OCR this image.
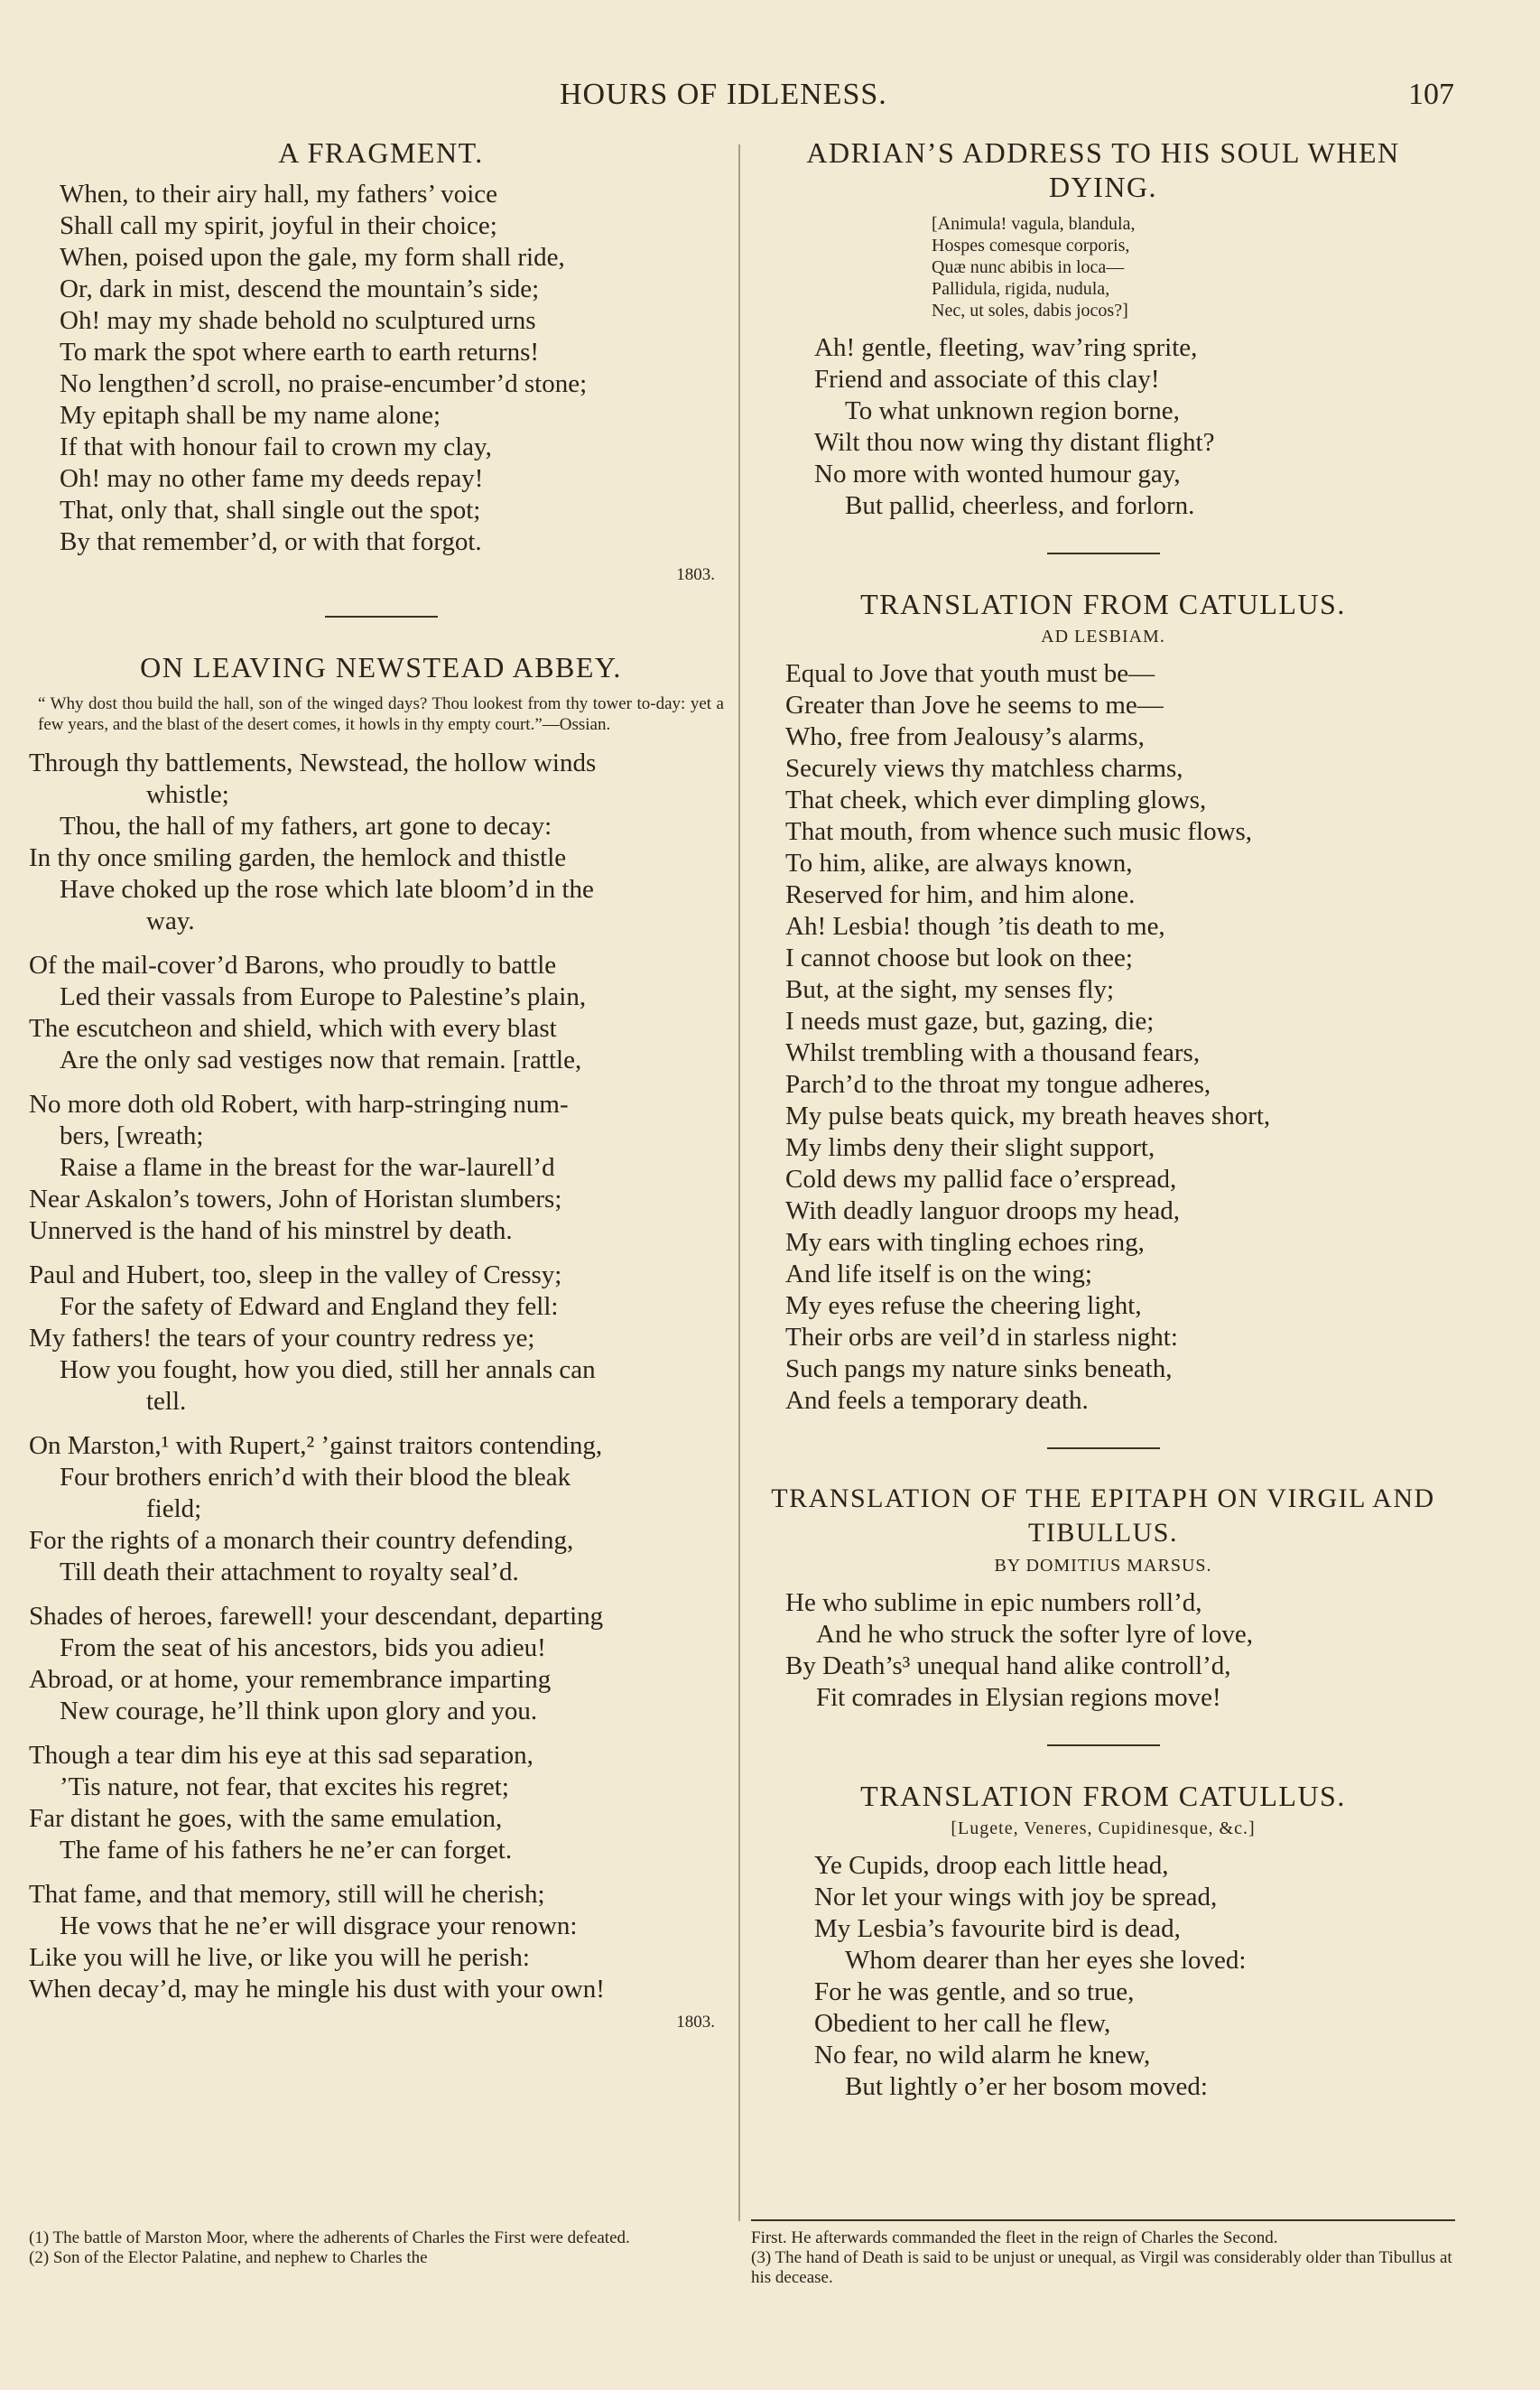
HOURS OF IDLENESS.	107
A FRAGMENT.
When, to their airy hall, my fathers’ voice
Shall call my spirit, joyful in their choice;
When, poised upon the gale, my form shall ride,
Or, dark in mist, descend the mountain’s side;
Oh! may my shade behold no sculptured urns
To mark the spot where earth to earth returns!
No lengthen’d scroll, no praise-encumber’d stone;
My epitaph shall be my name alone;
If that with honour fail to crown my clay,
Oh! may no other fame my deeds repay!
That, only that, shall single out the spot;
By that remember’d, or with that forgot.
1803.
ON LEAVING NEWSTEAD ABBEY.
“ Why dost thou build the hall, son of the winged days? Thou lookest from thy tower to-day: yet a few years, and the blast of the desert comes, it howls in thy empty court.”—Ossian.
Through thy battlements, Newstead, the hollow winds
whistle;
Thou, the hall of my fathers, art gone to decay:
In thy once smiling garden, the hemlock and thistle
Have choked up the rose which late bloom’d in the
way.
Of the mail-cover’d Barons, who proudly to battle
Led their vassals from Europe to Palestine’s plain,
The escutcheon and shield, which with every blast
Are the only sad vestiges now that remain. [rattle,
No more doth old Robert, with harp-stringing num-
bers, [wreath;
Raise a flame in the breast for the war-laurell’d
Near Askalon’s towers, John of Horistan slumbers;
Unnerved is the hand of his minstrel by death.
Paul and Hubert, too, sleep in the valley of Cressy;
For the safety of Edward and England they fell:
My fathers! the tears of your country redress ye;
How you fought, how you died, still her annals can
tell.
On Marston,¹ with Rupert,² ’gainst traitors contending,
Four brothers enrich’d with their blood the bleak
field;
For the rights of a monarch their country defending,
Till death their attachment to royalty seal’d.
Shades of heroes, farewell! your descendant, departing
From the seat of his ancestors, bids you adieu!
Abroad, or at home, your remembrance imparting
New courage, he’ll think upon glory and you.
Though a tear dim his eye at this sad separation,
’Tis nature, not fear, that excites his regret;
Far distant he goes, with the same emulation,
The fame of his fathers he ne’er can forget.
That fame, and that memory, still will he cherish;
He vows that he ne’er will disgrace your renown:
Like you will he live, or like you will he perish:
When decay’d, may he mingle his dust with your own!
1803.
ADRIAN’S ADDRESS TO HIS SOUL WHEN DYING.
[Animula! vagula, blandula,
Hospes comesque corporis,
Quæ nunc abibis in loca—
Pallidula, rigida, nudula,
Nec, ut soles, dabis jocos?]
Ah! gentle, fleeting, wav’ring sprite,
Friend and associate of this clay!
To what unknown region borne,
Wilt thou now wing thy distant flight?
No more with wonted humour gay,
But pallid, cheerless, and forlorn.
TRANSLATION FROM CATULLUS.
AD LESBIAM.
Equal to Jove that youth must be—
Greater than Jove he seems to me—
Who, free from Jealousy’s alarms,
Securely views thy matchless charms,
That cheek, which ever dimpling glows,
That mouth, from whence such music flows,
To him, alike, are always known,
Reserved for him, and him alone.
Ah! Lesbia! though ’tis death to me,
I cannot choose but look on thee;
But, at the sight, my senses fly;
I needs must gaze, but, gazing, die;
Whilst trembling with a thousand fears,
Parch’d to the throat my tongue adheres,
My pulse beats quick, my breath heaves short,
My limbs deny their slight support,
Cold dews my pallid face o’erspread,
With deadly languor droops my head,
My ears with tingling echoes ring,
And life itself is on the wing;
My eyes refuse the cheering light,
Their orbs are veil’d in starless night:
Such pangs my nature sinks beneath,
And feels a temporary death.
TRANSLATION OF THE EPITAPH ON VIRGIL AND TIBULLUS.
BY DOMITIUS MARSUS.
He who sublime in epic numbers roll’d,
And he who struck the softer lyre of love,
By Death’s³ unequal hand alike controll’d,
Fit comrades in Elysian regions move!
TRANSLATION FROM CATULLUS.
[Lugete, Veneres, Cupidinesque, &c.]
Ye Cupids, droop each little head,
Nor let your wings with joy be spread,
My Lesbia’s favourite bird is dead,
Whom dearer than her eyes she loved:
For he was gentle, and so true,
Obedient to her call he flew,
No fear, no wild alarm he knew,
But lightly o’er her bosom moved:
(1) The battle of Marston Moor, where the adherents of Charles the First were defeated.
(2) Son of the Elector Palatine, and nephew to Charles the
First. He afterwards commanded the fleet in the reign of Charles the Second.
(3) The hand of Death is said to be unjust or unequal, as Virgil was considerably older than Tibullus at his decease.
